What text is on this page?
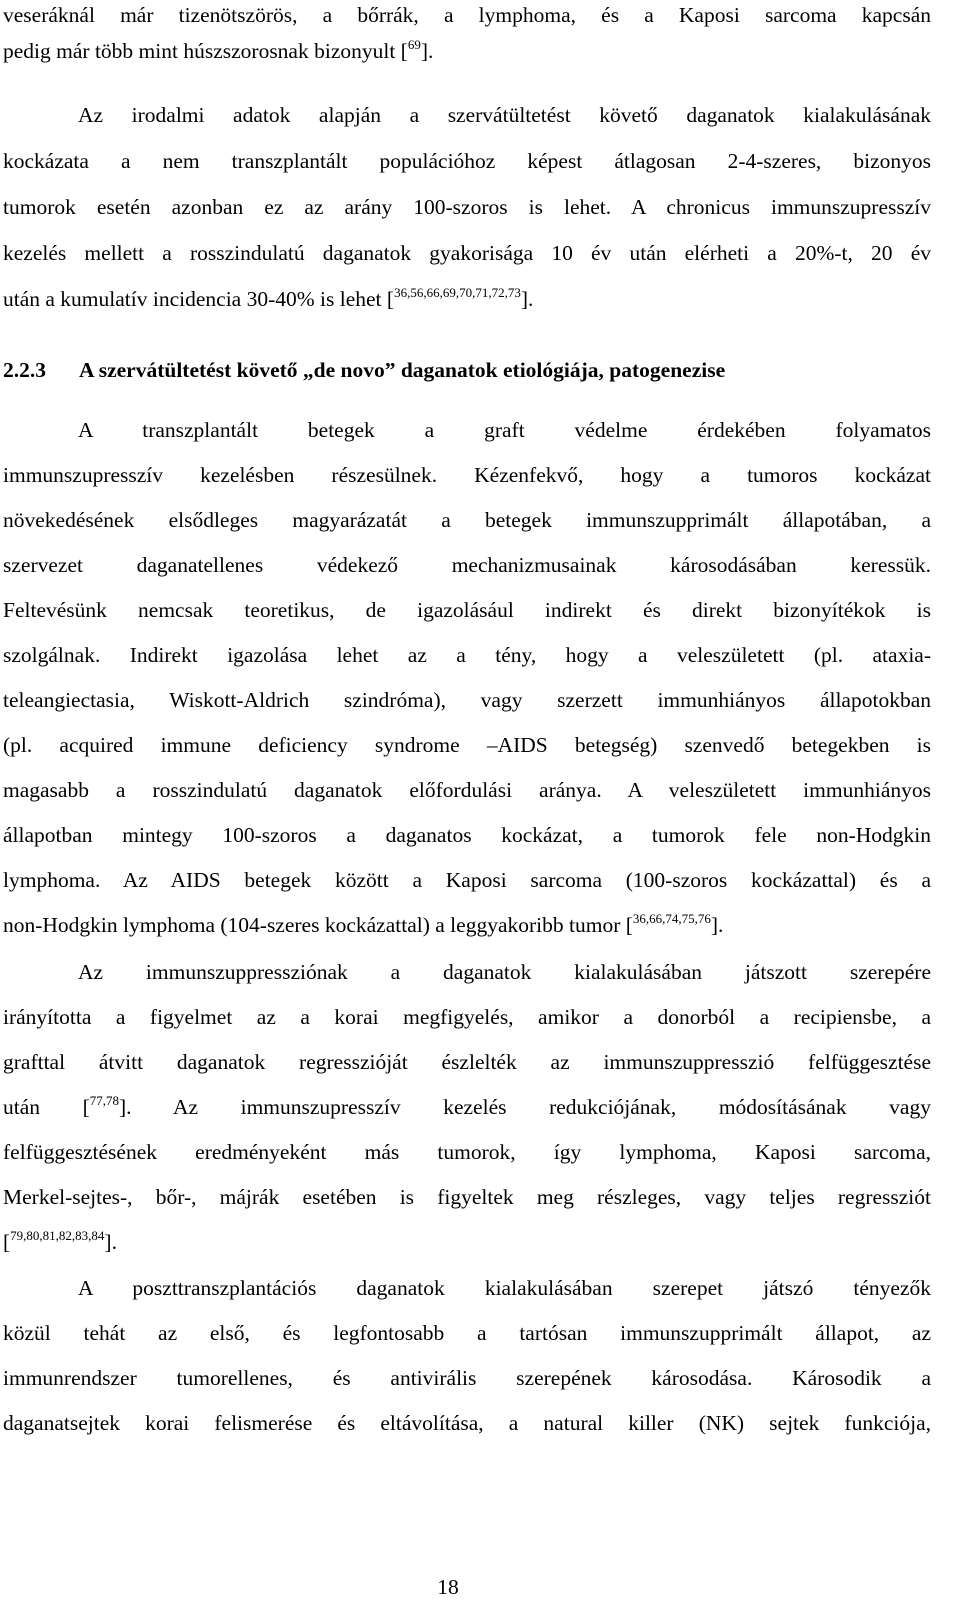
veseráknál már tizenötszörös, a bőrrák, a lymphoma, és a Kaposi sarcoma kapcsán
pedig már több mint húszszorosnak bizonyult [$^{69}$].
Az irodalmi adatok alapján a szervátültetést követő daganatok kialakulásának
kockázata a nem transzplantált populációhoz képest átlagosan 2-4-szeres, bizonyos
tumorok esetén azonban ez az arány 100-szoros is lehet. A chronicus immunszupresszív
kezelés mellett a rosszindulatú daganatok gyakorisága 10 év után elérheti a 20%-t, 20 év
után a kumulatív incidencia 30-40% is lehet [$^{36,56,66,69,70,71,72,73}$].
2.2.3 A szervátültetést követő „de novo” daganatok etiológiája, patogenezise
A transzplantált betegek a graft védelme érdekében folyamatos
immunszupresszív kezelésben részesülnek. Kézenfekvő, hogy a tumoros kockázat
növekedésének elsődleges magyarázatát a betegek immunszupprimált állapotában, a
szervezet daganatellenes védekező mechanizmusainak károsodásában keressük.
Feltevésünk nemcsak teoretikus, de igazolásául indirekt és direkt bizonyítékok is
szolgálnak. Indirekt igazolása lehet az a tény, hogy a veleszületett (pl. ataxia-
teleangiectasia, Wiskott-Aldrich szindróma), vagy szerzett immunhiányos állapotokban
(pl. acquired immune deficiency syndrome –AIDS betegség) szenvedő betegekben is
magasabb a rosszindulatú daganatok előfordulási aránya. A veleszületett immunhiányos
állapotban mintegy 100-szoros a daganatos kockázat, a tumorok fele non-Hodgkin
lymphoma. Az AIDS betegek között a Kaposi sarcoma (100-szoros kockázattal) és a
non-Hodgkin lymphoma (104-szeres kockázattal) a leggyakoribb tumor [$^{36,66,74,75,76}$].
Az immunszuppressziónak a daganatok kialakulásában játszott szerepére
irányította a figyelmet az a korai megfigyelés, amikor a donorból a recipiensbe, a
grafttal átvitt daganatok regresszióját észlelték az immunszuppresszió felfüggesztése
után [$^{77,78}$]. Az immunszupresszív kezelés redukciójának, módosításának vagy
felfüggesztésének eredményeként más tumorok, így lymphoma, Kaposi sarcoma,
Merkel-sejtes-, bőr-, májrák esetében is figyeltek meg részleges, vagy teljes regressziót
[$^{79,80,81,82,83,84}$].
A poszttranszplantációs daganatok kialakulásában szerepet játszó tényezők
közül tehát az első, és legfontosabb a tartósan immunszupprimált állapot, az
immunrendszer tumorellenes, és antivirális szerepének károsodása. Károsodik a
daganatsejtek korai felismerése és eltávolítása, a natural killer (NK) sejtek funkciója,
18
